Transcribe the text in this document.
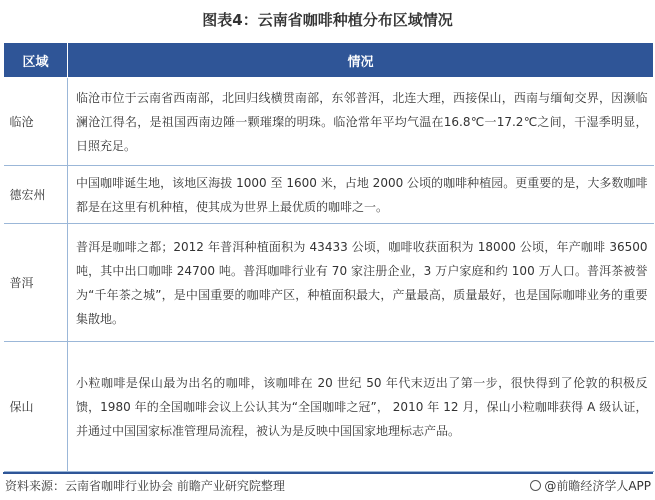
图表4：云南省咖啡种植分布区域情况
区域	情况
临沧	临沧市位于云南省西南部，北回归线横贯南部，东邻普洱，北连大理，西接保山，西南与缅甸交界，因濒临澜沧江得名，是祖国西南边陲一颗璀璨的明珠。临沧常年平均气温在16.8℃一17.2℃之间，干湿季明显，日照充足。
德宏州	中国咖啡诞生地，该地区海拔 1000 至 1600 米，占地 2000 公顷的咖啡种植园。更重要的是，大多数咖啡都是在这里有机种植，使其成为世界上最优质的咖啡之一。
普洱	普洱是咖啡之都；2012 年普洱种植面积为 43433 公顷，咖啡收获面积为 18000 公顷，年产咖啡 36500 吨，其中出口咖啡 24700 吨。普洱咖啡行业有 70 家注册企业，3 万户家庭和约 100 万人口。普洱茶被誉为“千年茶之城”，是中国重要的咖啡产区，种植面积最大，产量最高，质量最好，也是国际咖啡业务的重要集散地。
保山	小粒咖啡是保山最为出名的咖啡，该咖啡在 20 世纪 50 年代末迈出了第一步，很快得到了伦敦的积极反馈，1980 年的全国咖啡会议上公认其为“全国咖啡之冠”， 2010 年 12 月，保山小粒咖啡获得 A 级认证，并通过中国国家标准管理局流程，被认为是反映中国国家地理标志产品。
资料来源：云南省咖啡行业协会 前瞻产业研究院整理	@前瞻经济学人APP
